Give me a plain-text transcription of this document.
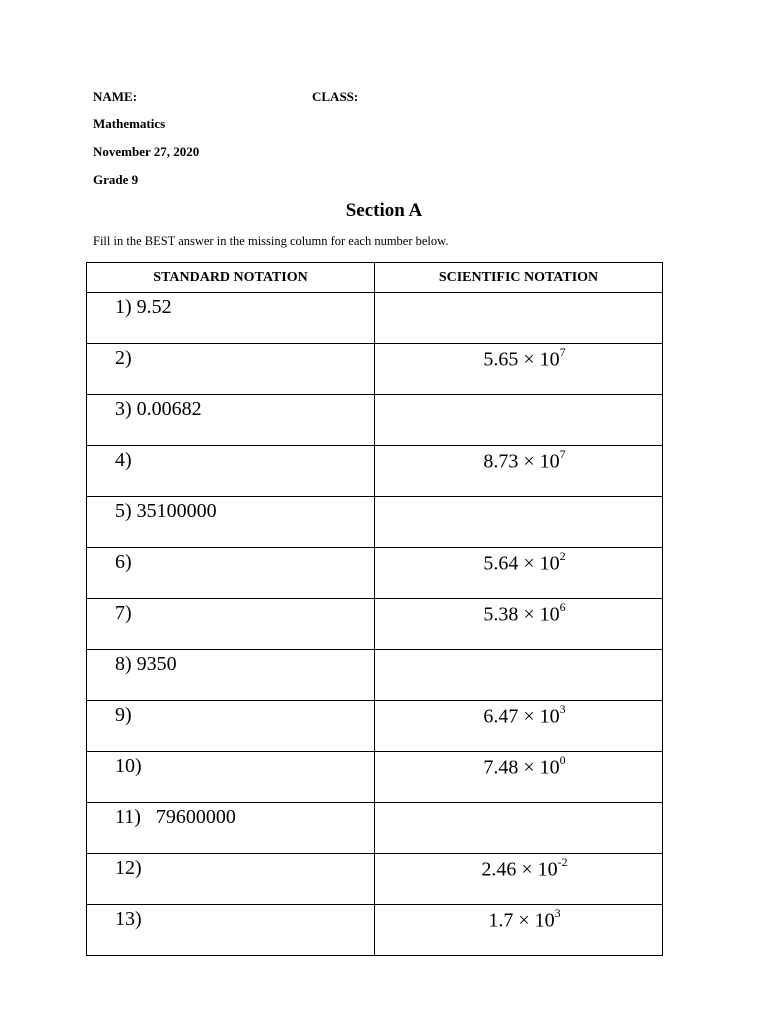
NAME:	CLASS:
Mathematics
November 27, 2020
Grade 9
Section A
Fill in the BEST answer in the missing column for each number below.
STANDARD NOTATION	SCIENTIFIC NOTATION
1) 9.52	
2)	$5.65 \times 10^7$
3) 0.00682	
4)	$8.73 \times 10^7$
5) 35100000	
6)	$5.64 \times 10^2$
7)	$5.38 \times 10^6$
8) 9350	
9)	$6.47 \times 10^3$
10)	$7.48 \times 10^0$
11)   79600000	
12)	$2.46 \times 10^{-2}$
13)	$1.7 \times 10^3$
